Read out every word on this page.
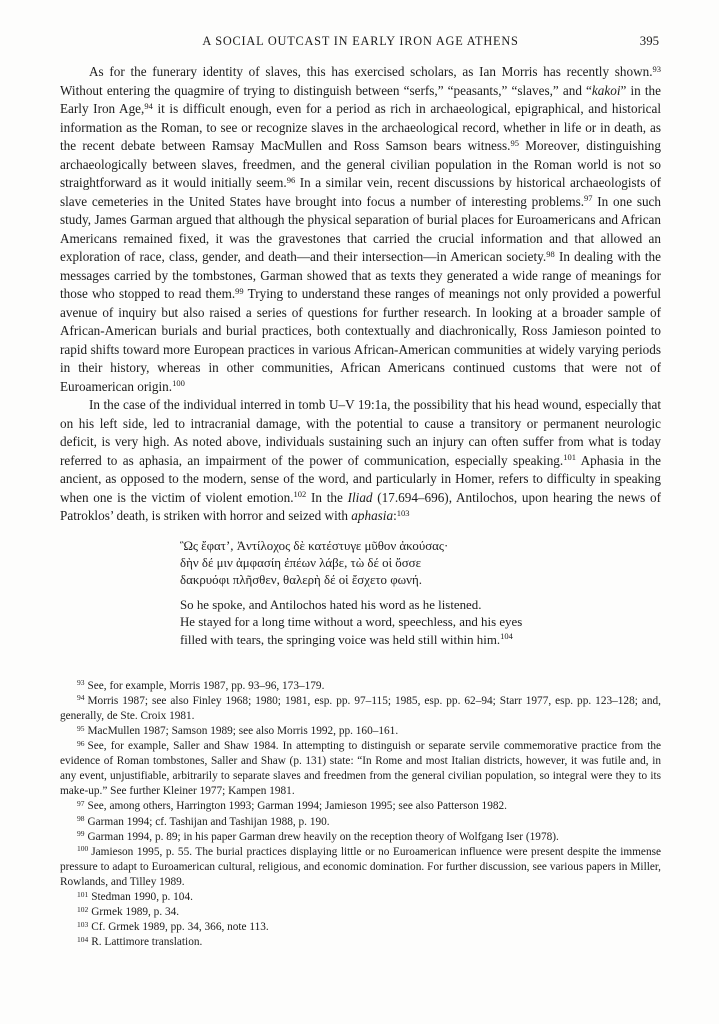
A SOCIAL OUTCAST IN EARLY IRON AGE ATHENS	395

As for the funerary identity of slaves, this has exercised scholars, as Ian Morris has recently shown.$^{93}$ Without entering the quagmire of trying to distinguish between “serfs,” “peasants,” “slaves,” and “kakoi” in the Early Iron Age,$^{94}$ it is difficult enough, even for a period as rich in archaeological, epigraphical, and historical information as the Roman, to see or recognize slaves in the archaeological record, whether in life or in death, as the recent debate between Ramsay MacMullen and Ross Samson bears witness.$^{95}$ Moreover, distinguishing archaeologically between slaves, freedmen, and the general civilian population in the Roman world is not so straightforward as it would initially seem.$^{96}$ In a similar vein, recent discussions by historical archaeologists of slave cemeteries in the United States have brought into focus a number of interesting problems.$^{97}$ In one such study, James Garman argued that although the physical separation of burial places for Euroamericans and African Americans remained fixed, it was the gravestones that carried the crucial information and that allowed an exploration of race, class, gender, and death—and their intersection—in American society.$^{98}$ In dealing with the messages carried by the tombstones, Garman showed that as texts they generated a wide range of meanings for those who stopped to read them.$^{99}$ Trying to understand these ranges of meanings not only provided a powerful avenue of inquiry but also raised a series of questions for further research. In looking at a broader sample of African-American burials and burial practices, both contextually and diachronically, Ross Jamieson pointed to rapid shifts toward more European practices in various African-American communities at widely varying periods in their history, whereas in other communities, African Americans continued customs that were not of Euroamerican origin.$^{100}$

In the case of the individual interred in tomb U–V 19:1a, the possibility that his head wound, especially that on his left side, led to intracranial damage, with the potential to cause a transitory or permanent neurologic deficit, is very high. As noted above, individuals sustaining such an injury can often suffer from what is today referred to as aphasia, an impairment of the power of communication, especially speaking.$^{101}$ Aphasia in the ancient, as opposed to the modern, sense of the word, and particularly in Homer, refers to difficulty in speaking when one is the victim of violent emotion.$^{102}$ In the Iliad (17.694–696), Antilochos, upon hearing the news of Patroklos’ death, is striken with horror and seized with aphasia:$^{103}$

Ὣς ἔφατ’, Ἀντίλοχος δὲ κατέστυγε μῦθον ἀκούσας·
δὴν δέ μιν ἀμφασίη ἐπέων λάβε, τὼ δέ οἱ ὄσσε
δακρυόφι πλῆσθεν, θαλερὴ δέ οἱ ἔσχετο φωνή.
So he spoke, and Antilochos hated his word as he listened.
He stayed for a long time without a word, speechless, and his eyes
filled with tears, the springing voice was held still within him.$^{104}$
$^{93}$ See, for example, Morris 1987, pp. 93–96, 173–179.
$^{94}$ Morris 1987; see also Finley 1968; 1980; 1981, esp. pp. 97–115; 1985, esp. pp. 62–94; Starr 1977, esp. pp. 123–128; and, generally, de Ste. Croix 1981.
$^{95}$ MacMullen 1987; Samson 1989; see also Morris 1992, pp. 160–161.
$^{96}$ See, for example, Saller and Shaw 1984. In attempting to distinguish or separate servile commemorative practice from the evidence of Roman tombstones, Saller and Shaw (p. 131) state: “In Rome and most Italian districts, however, it was futile and, in any event, unjustifiable, arbitrarily to separate slaves and freedmen from the general civilian population, so integral were they to its make-up.” See further Kleiner 1977; Kampen 1981.
$^{97}$ See, among others, Harrington 1993; Garman 1994; Jamieson 1995; see also Patterson 1982.
$^{98}$ Garman 1994; cf. Tashijan and Tashijan 1988, p. 190.
$^{99}$ Garman 1994, p. 89; in his paper Garman drew heavily on the reception theory of Wolfgang Iser (1978).
$^{100}$ Jamieson 1995, p. 55. The burial practices displaying little or no Euroamerican influence were present despite the immense pressure to adapt to Euroamerican cultural, religious, and economic domination. For further discussion, see various papers in Miller, Rowlands, and Tilley 1989.
$^{101}$ Stedman 1990, p. 104.
$^{102}$ Grmek 1989, p. 34.
$^{103}$ Cf. Grmek 1989, pp. 34, 366, note 113.
$^{104}$ R. Lattimore translation.
